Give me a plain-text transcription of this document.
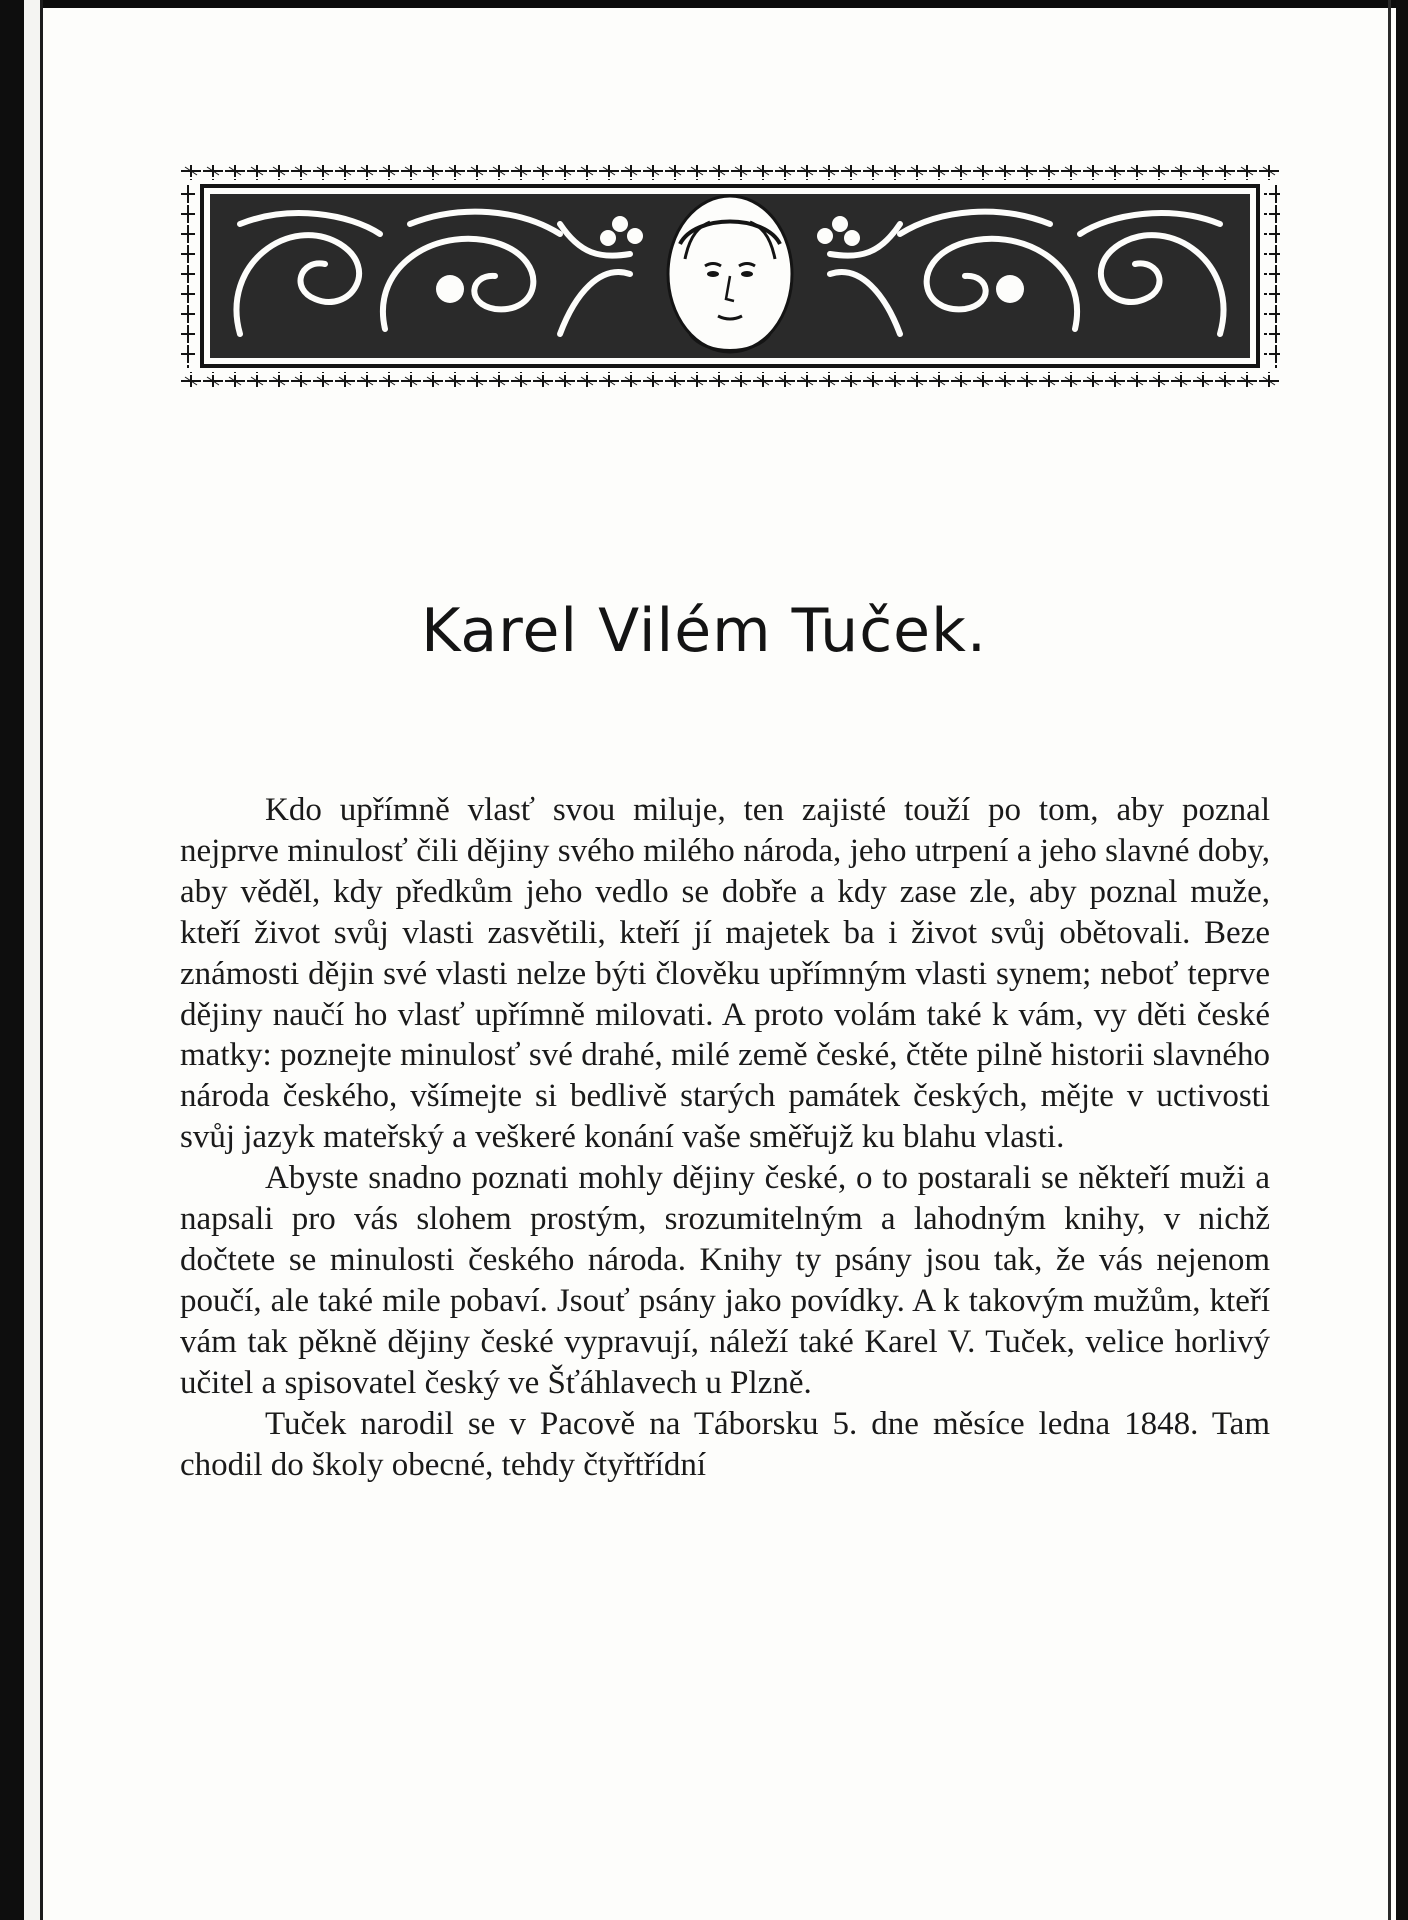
Karel Vilém Tuček.

Kdo upřímně vlasť svou miluje, ten zajisté touží po tom, aby poznal nejprve minulosť čili dějiny svého milého národa, jeho utrpení a jeho slavné doby, aby věděl, kdy předkům jeho vedlo se dobře a kdy zase zle, aby poznal muže, kteří život svůj vlasti zasvětili, kteří jí majetek ba i život svůj obětovali. Beze známosti dějin své vlasti nelze býti člověku upřímným vlasti synem; neboť teprve dějiny naučí ho vlasť upřímně milovati. A proto volám také k vám, vy děti české matky: poznejte minulosť své drahé, milé země české, čtěte pilně historii slavného národa českého, všímejte si bedlivě starých památek českých, mějte v uctivosti svůj jazyk mateřský a veškeré konání vaše směřujž ku blahu vlasti.

Abyste snadno poznati mohly dějiny české, o to postarali se někteří muži a napsali pro vás slohem prostým, srozumitelným a lahodným knihy, v nichž dočtete se minulosti českého národa. Knihy ty psány jsou tak, že vás nejenom poučí, ale také mile pobaví. Jsouť psány jako povídky. A k takovým mužům, kteří vám tak pěkně dějiny české vypravují, náleží také Karel V. Tuček, velice horlivý učitel a spisovatel český ve Šťáhlavech u Plzně.

Tuček narodil se v Pacově na Táborsku 5. dne měsíce ledna 1848. Tam chodil do školy obecné, tehdy čtyřtřídní
